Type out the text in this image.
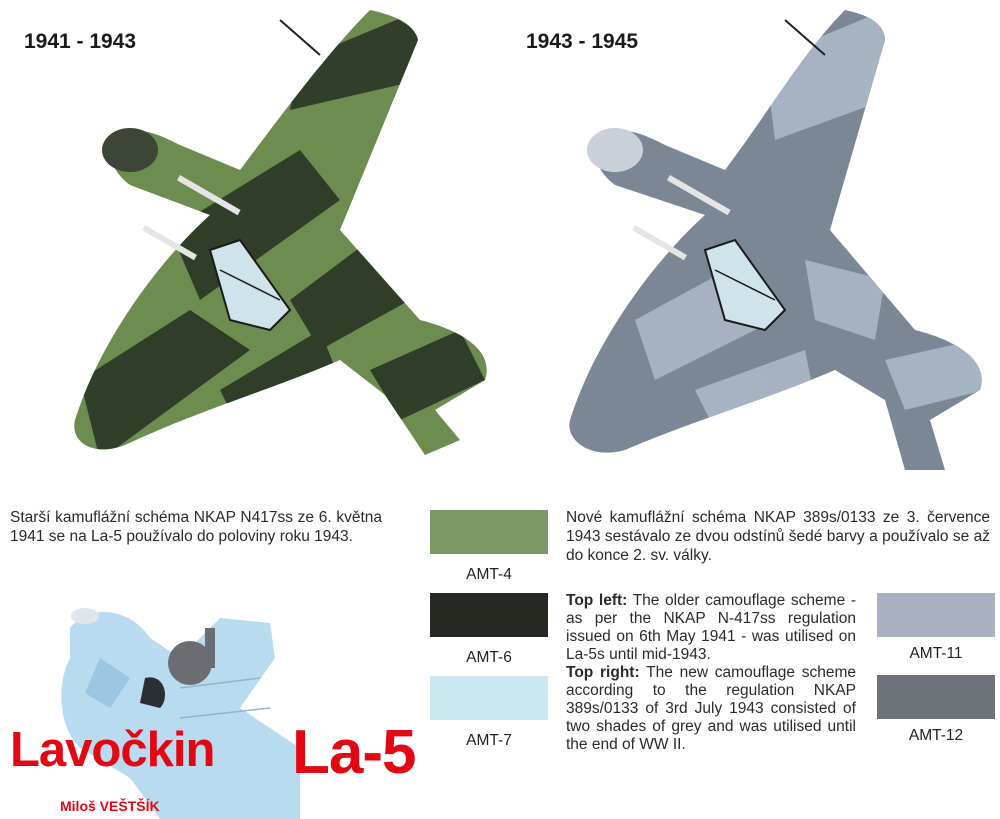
1941 - 1943	1943 - 1945
Starší kamuflážní schéma NKAP N417ss ze 6. května 1941 se na La-5 používalo do poloviny roku 1943.
Nové kamuflážní schéma NKAP 389s/0133 ze 3. července 1943 sestávalo ze dvou odstínů šedé barvy a používalo se až do konce 2. sv. války.
AMT-4
AMT-6
AMT-7
AMT-11
AMT-12
Top left: The older camouflage scheme - as per the NKAP N-417ss regulation issued on 6th May 1941 - was utilised on La-5s until mid-1943.
Top right: The new camouflage scheme according to the regulation NKAP 389s/0133 of 3rd July 1943 consisted of two shades of grey and was utilised until the end of WW II.
Lavočkin La-5
Miloš VEŠTŠÍK
